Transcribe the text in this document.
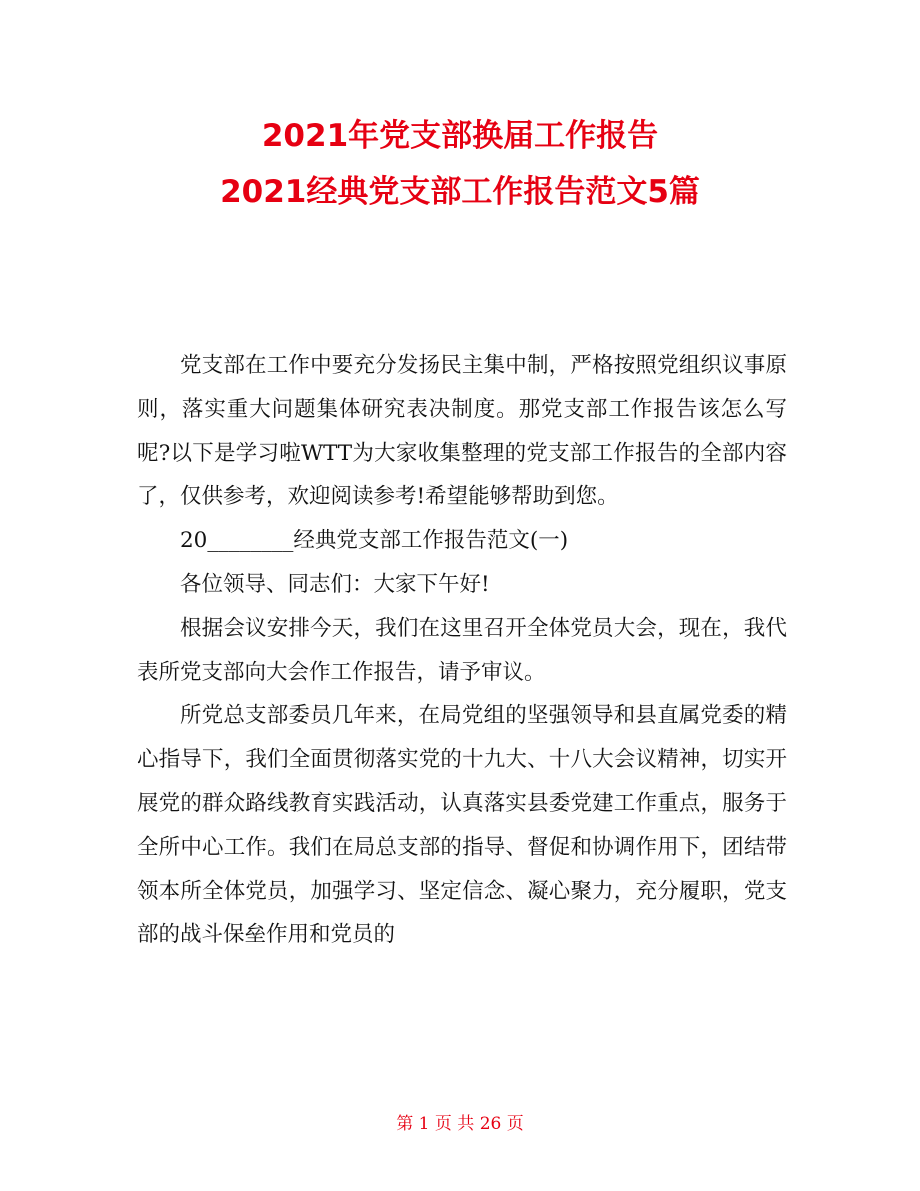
2021年党支部换届工作报告
2021经典党支部工作报告范文5篇

党支部在工作中要充分发扬民主集中制，严格按照党组织议事原则，落实重大问题集体研究表决制度。那党支部工作报告该怎么写呢?以下是学习啦WTT为大家收集整理的党支部工作报告的全部内容了，仅供参考，欢迎阅读参考!希望能够帮助到您。

20________经典党支部工作报告范文(一)

各位领导、同志们：大家下午好!

根据会议安排今天，我们在这里召开全体党员大会，现在，我代表所党支部向大会作工作报告，请予审议。

所党总支部委员几年来，在局党组的坚强领导和县直属党委的精心指导下，我们全面贯彻落实党的十九大、十八大会议精神，切实开展党的群众路线教育实践活动，认真落实县委党建工作重点，服务于全所中心工作。我们在局总支部的指导、督促和协调作用下，团结带领本所全体党员，加强学习、坚定信念、凝心聚力，充分履职，党支部的战斗保垒作用和党员的

第 1 页 共 26 页
